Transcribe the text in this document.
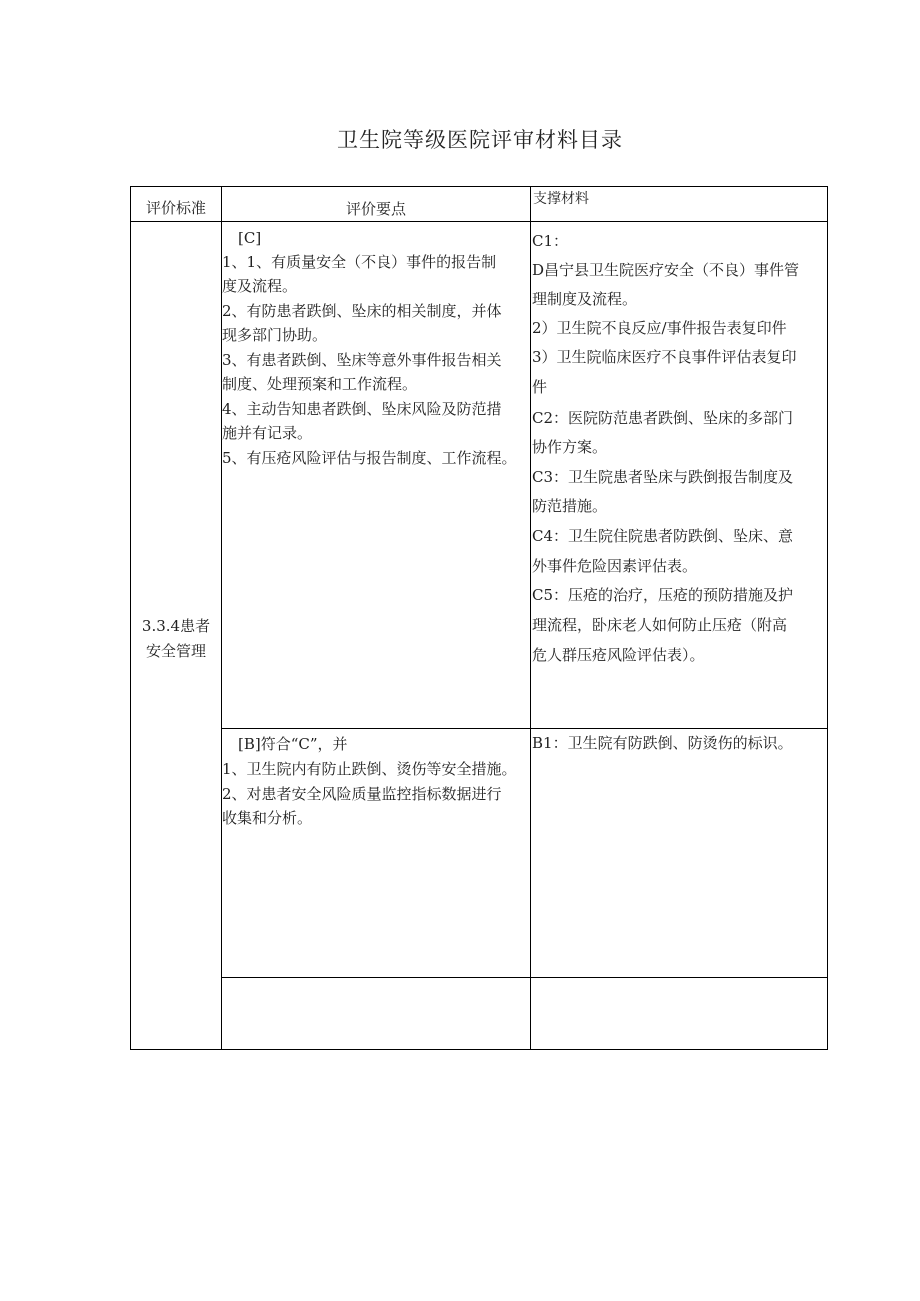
卫生院等级医院评审材料目录
评价标准	评价要点
支撑材料
3.3.4患者
安全管理
[C]
1、1、有质量安全（不良）事件的报告制
度及流程。
2、有防患者跌倒、坠床的相关制度，并体
现多部门协助。
3、有患者跌倒、坠床等意外事件报告相关
制度、处理预案和工作流程。
4、主动告知患者跌倒、坠床风险及防范措
施并有记录。
5、有压疮风险评估与报告制度、工作流程。
C1：
D昌宁县卫生院医疗安全（不良）事件管
理制度及流程。
2）卫生院不良反应/事件报告表复印件
3）卫生院临床医疗不良事件评估表复印
件
C2：医院防范患者跌倒、坠床的多部门
协作方案。
C3：卫生院患者坠床与跌倒报告制度及
防范措施。
C4：卫生院住院患者防跌倒、坠床、意
外事件危险因素评估表。
C5：压疮的治疗，压疮的预防措施及护
理流程，卧床老人如何防止压疮（附高
危人群压疮风险评估表）。
[B]符合“C”，并
1、卫生院内有防止跌倒、烫伤等安全措施。
2、对患者安全风险质量监控指标数据进行
收集和分析。
B1：卫生院有防跌倒、防烫伤的标识。
